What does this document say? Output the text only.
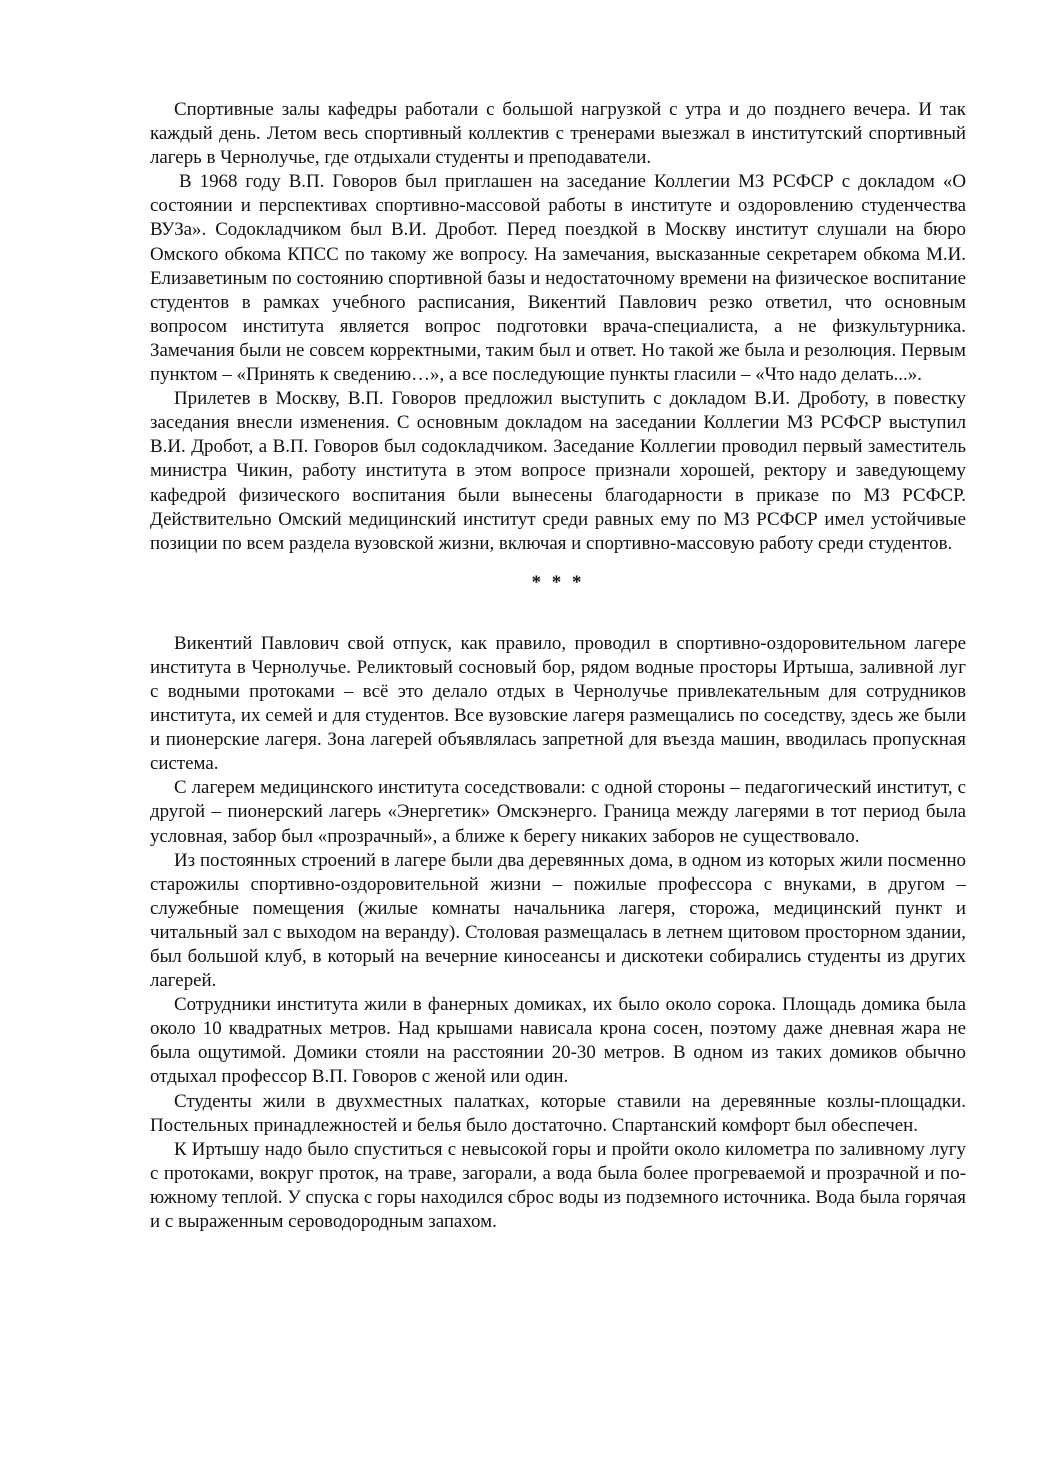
Спортивные залы кафедры работали с большой нагрузкой с утра и до позднего вечера. И так каждый день. Летом весь спортивный коллектив с тренерами выезжал в институтский спортивный лагерь в Чернолучье, где отдыхали студенты и преподаватели.

В 1968 году В.П. Говоров был приглашен на заседание Коллегии МЗ РСФСР с докладом «О состоянии и перспективах спортивно-массовой работы в институте и оздоровлению студенчества ВУЗа». Содокладчиком был В.И. Дробот. Перед поездкой в Москву институт слушали на бюро Омского обкома КПСС по такому же вопросу. На замечания, высказанные секретарем обкома М.И. Елизаветиным по состоянию спортивной базы и недостаточному времени на физическое воспитание студентов в рамках учебного расписания, Викентий Павлович резко ответил, что основным вопросом института является вопрос подготовки врача-специалиста, а не физкультурника. Замечания были не совсем корректными, таким был и ответ. Но такой же была и резолюция. Первым пунктом – «Принять к сведению…», а все последующие пункты гласили – «Что надо делать...».

Прилетев в Москву, В.П. Говоров предложил выступить с докладом В.И. Дроботу, в повестку заседания внесли изменения. С основным докладом на заседании Коллегии МЗ РСФСР выступил В.И. Дробот, а В.П. Говоров был содокладчиком. Заседание Коллегии проводил первый заместитель министра Чикин, работу института в этом вопросе признали хорошей, ректору и заведующему кафедрой физического воспитания были вынесены благодарности в приказе по МЗ РСФСР. Действительно Омский медицинский институт среди равных ему по МЗ РСФСР имел устойчивые позиции по всем раздела вузовской жизни, включая и спортивно-массовую работу среди студентов.

* * *

Викентий Павлович свой отпуск, как правило, проводил в спортивно-оздоровительном лагере института в Чернолучье. Реликтовый сосновый бор, рядом водные просторы Иртыша, заливной луг с водными протоками – всё это делало отдых в Чернолучье привлекательным для сотрудников института, их семей и для студентов. Все вузовские лагеря размещались по соседству, здесь же были и пионерские лагеря. Зона лагерей объявлялась запретной для въезда машин, вводилась пропускная система.

С лагерем медицинского института соседствовали: с одной стороны – педагогический институт, с другой – пионерский лагерь «Энергетик» Омскэнерго. Граница между лагерями в тот период была условная, забор был «прозрачный», а ближе к берегу никаких заборов не существовало.

Из постоянных строений в лагере были два деревянных дома, в одном из которых жили посменно старожилы спортивно-оздоровительной жизни – пожилые профессора с внуками, в другом – служебные помещения (жилые комнаты начальника лагеря, сторожа, медицинский пункт и читальный зал с выходом на веранду). Столовая размещалась в летнем щитовом просторном здании, был большой клуб, в который на вечерние киносеансы и дискотеки собирались студенты из других лагерей.

Сотрудники института жили в фанерных домиках, их было около сорока. Площадь домика была около 10 квадратных метров. Над крышами нависала крона сосен, поэтому даже дневная жара не была ощутимой. Домики стояли на расстоянии 20-30 метров. В одном из таких домиков обычно отдыхал профессор В.П. Говоров с женой или один.

Студенты жили в двухместных палатках, которые ставили на деревянные козлы-площадки. Постельных принадлежностей и белья было достаточно. Спартанский комфорт был обеспечен.

К Иртышу надо было спуститься с невысокой горы и пройти около километра по заливному лугу с протоками, вокруг проток, на траве, загорали, а вода была более прогреваемой и прозрачной и по-южному теплой. У спуска с горы находился сброс воды из подземного источника. Вода была горячая и с выраженным сероводородным запахом.
